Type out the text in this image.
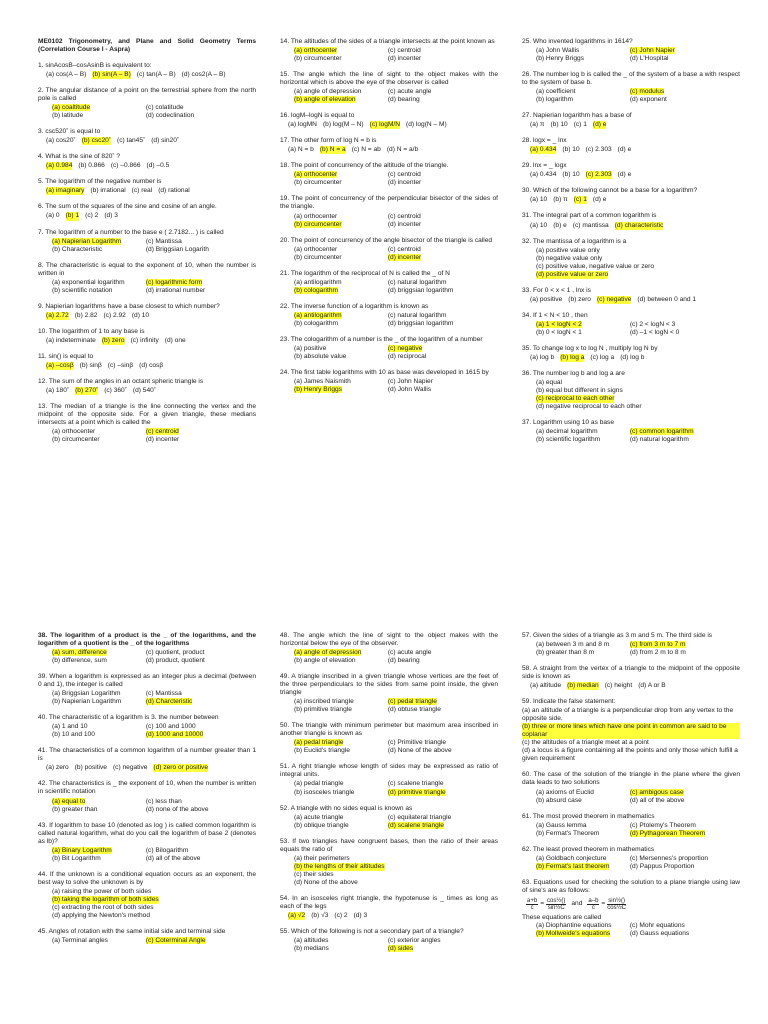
ME0102 Trigonometry, and Plane and Solid Geometry Terms (Correlation Course I - Aspra)
1. sinAcosB–cosAsinB is equivalent to:
(a) cos(A – B) (b) sin(A – B) (c) tan(A – B) (d) cos2(A – B)
2. The angular distance of a point on the terrestrial sphere from the north pole is called
(a) coaltitude	(c) colatitude
(b) latitude	(d) codeclination
3. csc520˚ is equal to
(a) cos20˚ (b) csc20˚ (c) tan45˚ (d) sin20˚
4. What is the sine of 820˚ ?
(a) 0.984 (b) 0.866 (c) –0.866 (d) –0.5
5. The logarithm of the negative number is
(a) imaginary (b) irrational (c) real (d) rational
6. The sum of the squares of the sine and cosine of an angle.
(a) 0 (b) 1 (c) 2 (d) 3
7. The logarithm of a number to the base e ( 2.7182... ) is called
(a) Napierian Logarithm	(c) Mantissa
(b) Characteristic	(d) Briggsian Logarith
8. The characteristic is equal to the exponent of 10, when the number is written in
(a) exponential logarithm	(c) logarithmic form
(b) scientific notation	(d) irrational number
9. Napierian logarithms have a base closest to which number?
(a) 2.72 (b) 2.82 (c) 2.92 (d) 10
10. The logarithm of 1 to any base is
(a) indeterminate (b) zero (c) infinity (d) one
11. sin() is equal to
(a) –cosβ (b) sinβ (c) –sinβ (d) cosβ
12. The sum of the angles in an octant spheric triangle is
(a) 180˚ (b) 270˚ (c) 360˚ (d) 540˚
13. The median of a triangle is the line connecting the vertex and the midpoint of the opposite side. For a given triangle, these medians intersects at a point which is called the
(a) orthocenter	(c) centroid
(b) circumcenter	(d) incenter
14. The altitudes of the sides of a triangle intersects at the point known as
(a) orthocenter	(c) centroid
(b) circumcenter	(d) incenter
15. The angle which the line of sight to the object makes with the horizontal which is above the eye of the observer is called
(a) angle of depression	(c) acute angle
(b) angle of elevation	(d) bearing
16. logM–logN is equal to
(a) logMN (b) log(M – N) (c) logM/N (d) log(N – M)
17. The other form of log N = b is
(a) N = b (b) N = a (c) N = ab (d) N = a/b
18. The point of concurrency of the altitude of the triangle.
(a) orthocenter	(c) centroid
(b) circumcenter	(d) incenter
19. The point of concurrency of the perpendicular bisector of the sides of the triangle.
(a) orthocenter	(c) centroid
(b) circumcenter	(d) incenter
20. The point of concurrency of the angle bisector of the triangle is called
(a) orthocenter	(c) centroid
(b) circumcenter	(d) incenter
21. The logarithm of the reciprocal of N is called the _ of N
(a) antilogarithm	(c) natural logarithm
(b) cologarithm	(d) briggsian logarithm
22. The inverse function of a logarithm is known as
(a) antilogarithm	(c) natural logarithm
(b) cologarithm	(d) briggsian logarithm
23. The cologarithm of a number is the _ of the logarithm of a number
(a) positive	(c) negative
(b) absolute value	(d) reciprocal
24. The first table logarithms with 10 as base was developed in 1615 by
(a) James Naismith	(c) John Napier
(b) Henry Briggs	(d) John Wallis
25. Who invented logarithms in 1614?
(a) John Wallis	(c) John Napier
(b) Henry Briggs	(d) L'Hospital
26. The number log b is called the _ of the system of a base a with respect to the system of base b.
(a) coefficient	(c) modulus
(b) logarithm	(d) exponent
27. Napierian logarithm has a base of
(a) π (b) 10 (c) 1 (d) e
28. logx = _ lnx
(a) 0.434 (b) 10 (c) 2.303 (d) e
29. lnx = _ logx
(a) 0.434 (b) 10 (c) 2.303 (d) e
30. Which of the following cannot be a base for a logarithm?
(a) 10 (b) π (c) 1 (d) e
31. The integral part of a common logarithm is
(a) 10 (b) e (c) mantissa (d) characteristic
32. The mantissa of a logarithm is a
(a) positive value only
(b) negative value only
(c) positive value, negative value or zero
(d) positive value or zero
33. For 0 < x < 1 , lnx is
(a) positive (b) zero (c) negative (d) between 0 and 1
34. If 1 < N < 10 , then
(a) 1 < logN < 2	(c) 2 < logN < 3
(b) 0 < logN < 1	(d) –1 < logN < 0
35. To change log x to log N , multiply log N by
(a) log b (b) log a (c) log a (d) log b
36. The number log b and log a are
(a) equal
(b) equal but different in signs
(c) reciprocal to each other
(d) negative reciprocal to each other
37. Logarithm using 10 as base
(a) decimal logarithm	(c) common logarithm
(b) scientific logarithm	(d) natural logarithm
38. The logarithm of a product is the _ of the logarithms, and the logarithm of a quotient is the _ of the logarithms
(a) sum, difference	(c) quotient, product
(b) difference, sum	(d) product, quotient
39. When a logarithm is expressed as an integer plus a decimal (between 0 and 1), the integer is called
(a) Briggsian Logarithm	(c) Mantissa
(b) Napierian Logarithm	(d) Charcteristic
40. The characteristic of a logarithm is 3. the number between
(a) 1 and 10	(c) 100 and 1000
(b) 10 and 100	(d) 1000 and 10000
41. The characteristics of a common logarithm of a number greater than 1 is
(a) zero (b) positive (c) negative (d) zero or positive
42. The characteristics is _ the exponent of 10, when the number is written in scientific notation
(a) equal to	(c) less than
(b) greater than	(d) none of the above
43. If logarithm to base 10 (denoted as log ) is called common logarithm is called natural logarithm, what do you call the logarithm of base 2 (denotes as lb)?
(a) Binary Logarithm	(c) Bilogarithm
(b) Bit Logarithm	(d) all of the above
44. If the unknown is a conditional equation occurs as an exponent, the best way to solve the unknown is by
(a) raising the power of both sides
(b) taking the logarithm of both sides
(c) extracting the root of both sides
(d) applying the Newton's method
45. Angles of rotation with the same initial side and terminal side
(a) Terminal angles	(c) Coterminal Angle
48. The angle which the line of sight to the object makes with the horizontal below the eye of the observer.
(a) angle of depression	(c) acute angle
(b) angle of elevation	(d) bearing
49. A triangle inscribed in a given triangle whose vertices are the feet of the three perpendiculars to the sides from same point inside, the given triangle
(a) inscribed triangle	(c) pedal triangle
(b) primitive triangle	(d) obtuse triangle
50. The triangle with minimum perimeter but maximum area inscribed in another triangle is known as
(a) pedal triangle	(c) Primitive triangle
(b) Euclid's triangle	(d) None of the above
51. A right triangle whose length of sides may be expressed as ratio of integral units.
(a) pedal triangle	(c) scalene triangle
(b) isosceles triangle	(d) primitive triangle
52. A triangle with no sides equal is known as
(a) acute triangle	(c) equilateral triangle
(b) oblique triangle	(d) scalene triangle
53. If two triangles have congruent bases, then the ratio of their areas equals the ratio of
(a) their perimeters
(b) the lengths of their altitudes
(c) their sides
(d) None of the above
54. In an isosceles right triangle, the hypotenuse is _ times as long as each of the legs
(a) √2 (b) √3 (c) 2 (d) 3
55. Which of the following is not a secondary part of a triangle?
(a) altitudes	(c) exterior angles
(b) medians	(d) sides
57. Given the sides of a triangle as 3 m and 5 m. The third side is
(a) between 3 m and 8 m	(c) from 3 m to 7 m
(b) greater than 8 m	(d) from 2 m to 8 m
58. A straight from the vertex of a triangle to the midpoint of the opposite side is known as
(a) altitude (b) median (c) height (d) A or B
59. Indicate the false statement:
(a) an altitude of a triangle is a perpendicular drop from any vertex to the opposite side.
(b) three or more lines which have one point in common are said to be coplanar
(c) the altitudes of a triangle meet at a point
(d) a locus is a figure containing all the points and only those which fulfill a given requirement
60. The case of the solution of the triangle in the plane where the given data leads to two solutions
(a) axioms of Euclid	(c) ambigous case
(b) absurd case	(d) all of the above
61. The most proved theorem in mathematics
(a) Gauss lemma	(c) Ptolemy's Theorem
(b) Fermat's Theorem	(d) Pythagorean Theorem
62. The least proved theorem in mathematics
(a) Goldbach conjecture	(c) Mersennes's proportion
(b) Fermat's last theorem	(d) Pappus Proportion
63. Equations used for checking the solution to a plane triangle using law of sine's are as follows:
$\frac{a+b}{c} = \frac{\text{cos½()}}{\text{sin½C}}$ and $\frac{a-b}{c} = \frac{\text{sin½()}}{\text{cos½C}}$
These equations are called
(a) Diophantine equations	(c) Mohr equations
(b) Mollweide's equations	(d) Gauss equations
